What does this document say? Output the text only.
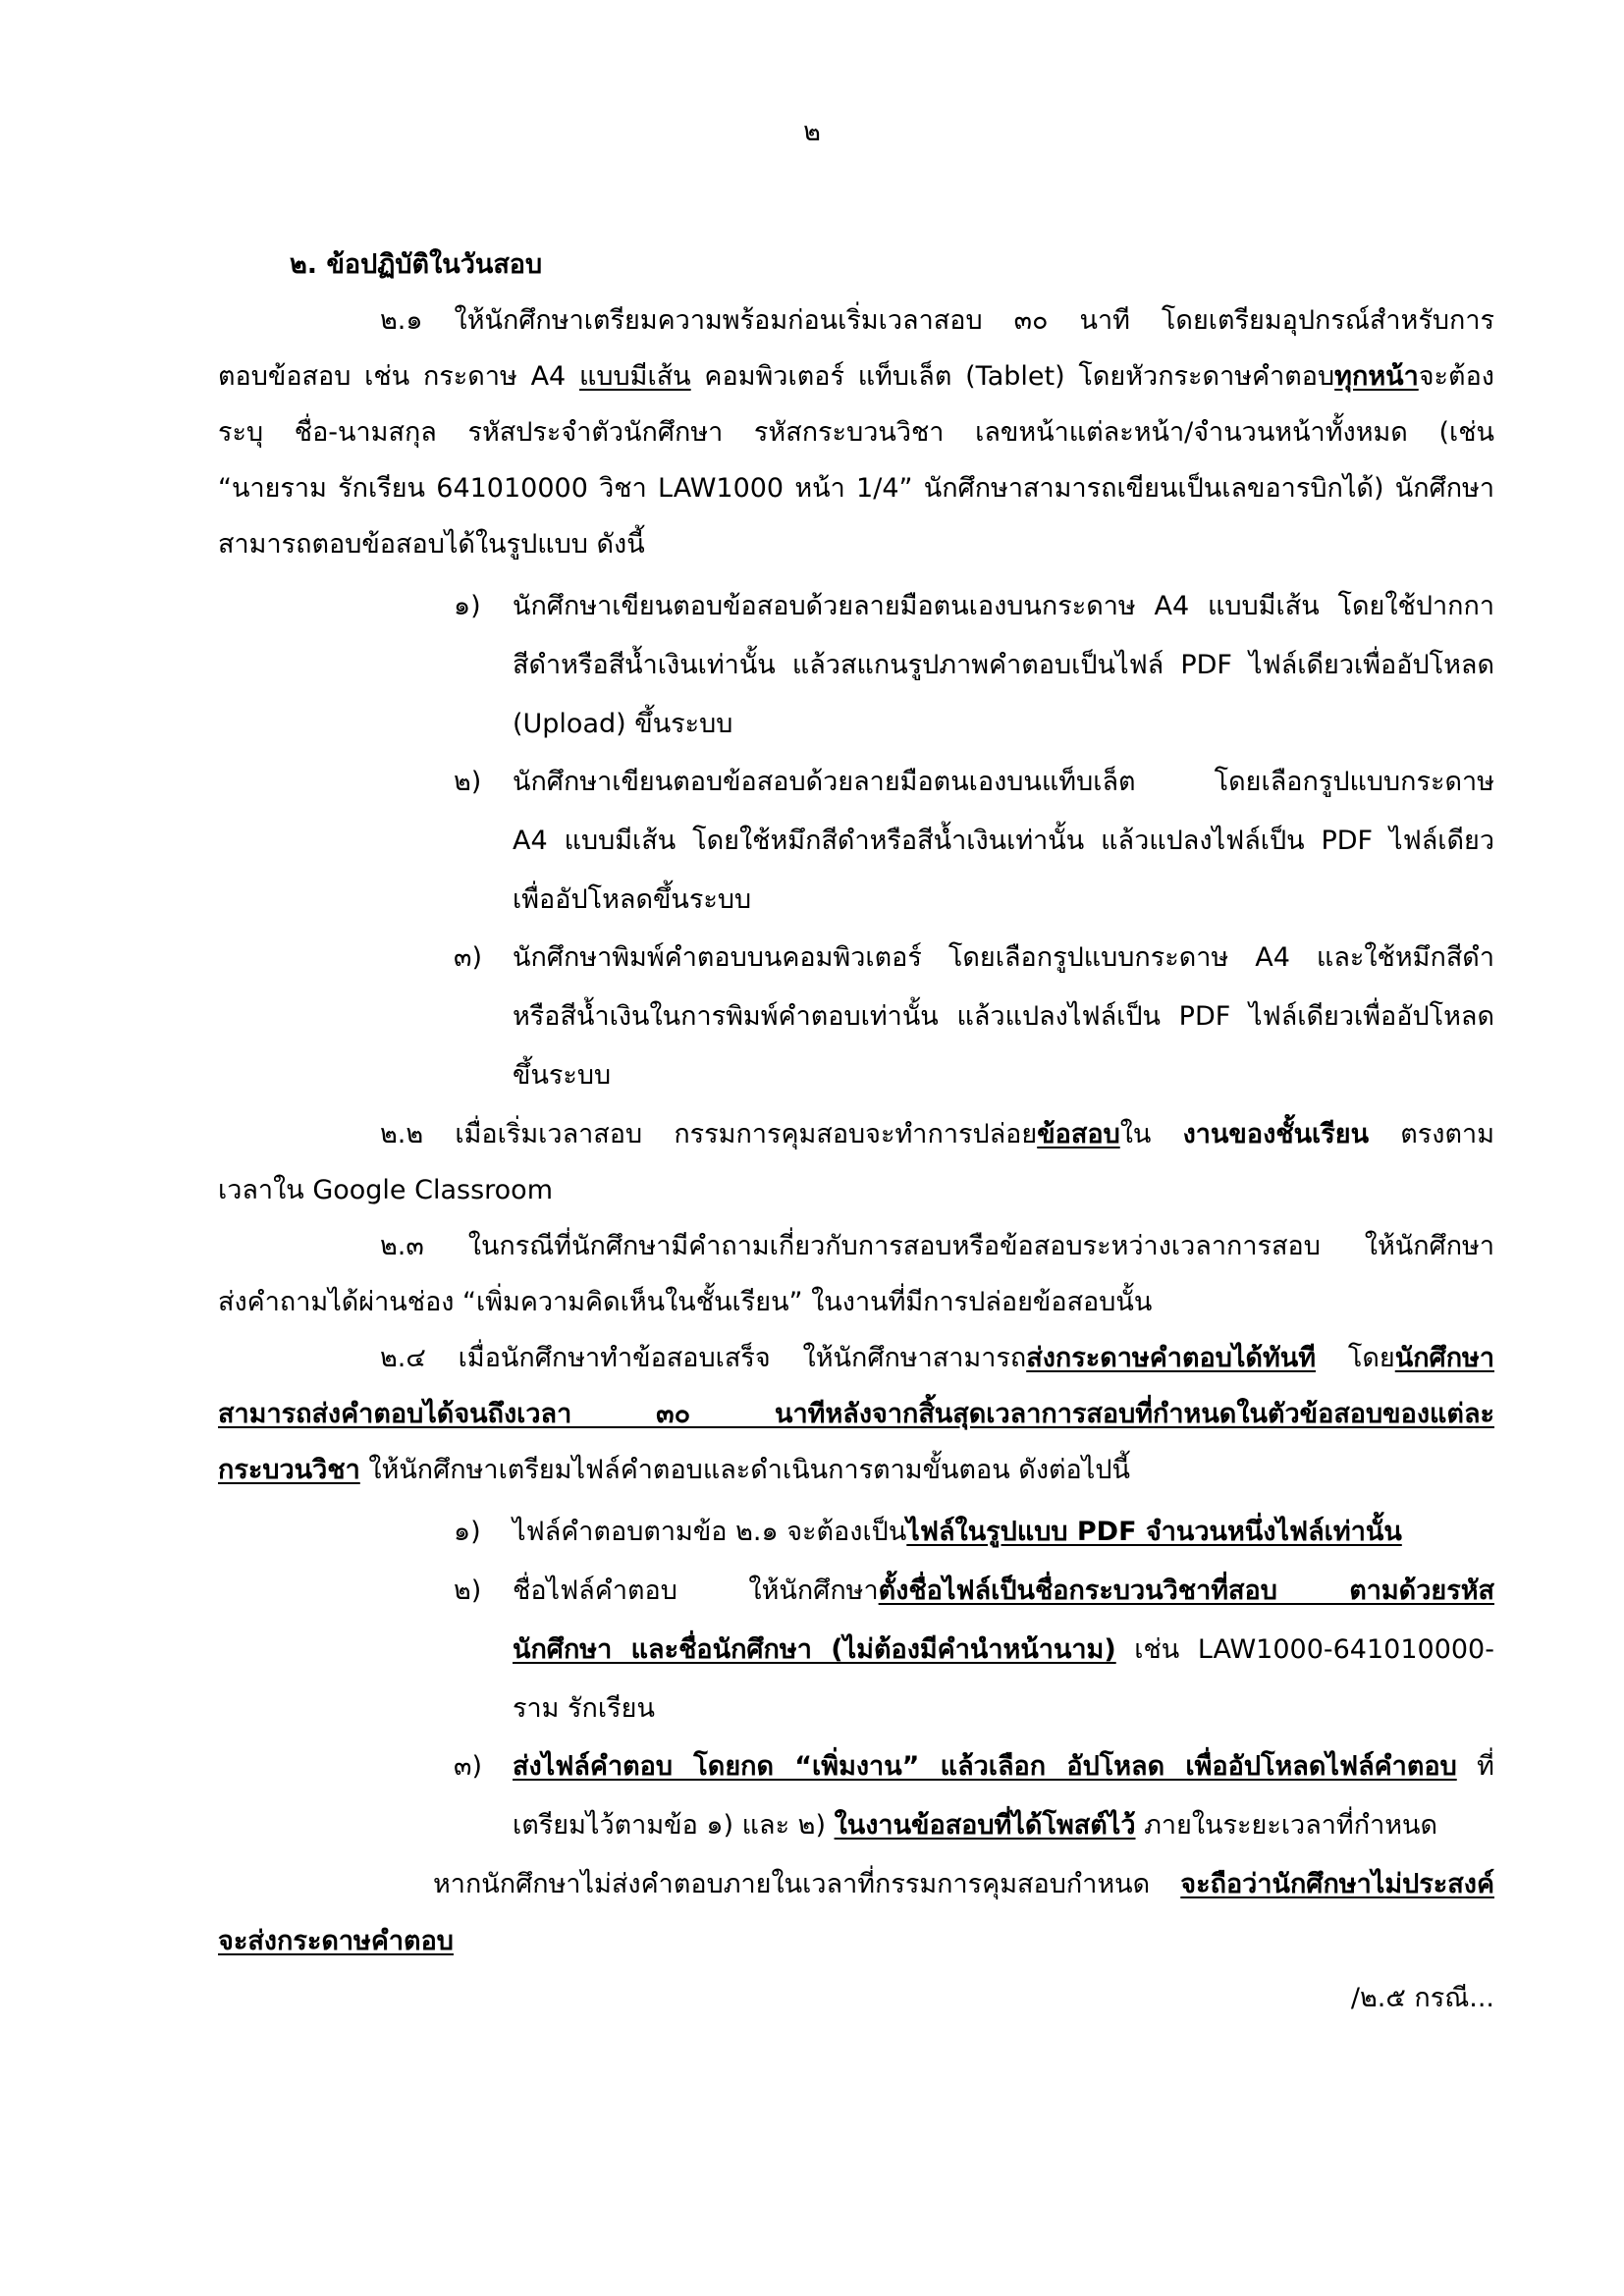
๒
๒. ข้อปฏิบัติในวันสอบ
๒.๑ ให้นักศึกษาเตรียมความพร้อมก่อนเริ่มเวลาสอบ ๓๐ นาที โดยเตรียมอุปกรณ์สำหรับการ
ตอบข้อสอบ เช่น กระดาษ A4 แบบมีเส้น คอมพิวเตอร์ แท็บเล็ต (Tablet) โดยหัวกระดาษคำตอบทุกหน้าจะต้อง
ระบุ ชื่อ-นามสกุล รหัสประจำตัวนักศึกษา รหัสกระบวนวิชา เลขหน้าแต่ละหน้า/จำนวนหน้าทั้งหมด (เช่น
“นายราม รักเรียน 641010000 วิชา LAW1000 หน้า 1/4” นักศึกษาสามารถเขียนเป็นเลขอารบิกได้) นักศึกษา
สามารถตอบข้อสอบได้ในรูปแบบ ดังนี้
๑) นักศึกษาเขียนตอบข้อสอบด้วยลายมือตนเองบนกระดาษ A4 แบบมีเส้น โดยใช้ปากกา
สีดำหรือสีน้ำเงินเท่านั้น แล้วสแกนรูปภาพคำตอบเป็นไฟล์ PDF ไฟล์เดียวเพื่ออัปโหลด
(Upload) ขึ้นระบบ
๒) นักศึกษาเขียนตอบข้อสอบด้วยลายมือตนเองบนแท็บเล็ต โดยเลือกรูปแบบกระดาษ
A4 แบบมีเส้น โดยใช้หมึกสีดำหรือสีน้ำเงินเท่านั้น แล้วแปลงไฟล์เป็น PDF ไฟล์เดียว
เพื่ออัปโหลดขึ้นระบบ
๓) นักศึกษาพิมพ์คำตอบบนคอมพิวเตอร์ โดยเลือกรูปแบบกระดาษ A4 และใช้หมึกสีดำ
หรือสีน้ำเงินในการพิมพ์คำตอบเท่านั้น แล้วแปลงไฟล์เป็น PDF ไฟล์เดียวเพื่ออัปโหลด
ขึ้นระบบ
๒.๒ เมื่อเริ่มเวลาสอบ กรรมการคุมสอบจะทำการปล่อยข้อสอบใน งานของชั้นเรียน ตรงตาม
เวลาใน Google Classroom
๒.๓ ในกรณีที่นักศึกษามีคำถามเกี่ยวกับการสอบหรือข้อสอบระหว่างเวลาการสอบ ให้นักศึกษา
ส่งคำถามได้ผ่านช่อง “เพิ่มความคิดเห็นในชั้นเรียน” ในงานที่มีการปล่อยข้อสอบนั้น
๒.๔ เมื่อนักศึกษาทำข้อสอบเสร็จ ให้นักศึกษาสามารถส่งกระดาษคำตอบได้ทันที โดยนักศึกษา
สามารถส่งคำตอบได้จนถึงเวลา ๓๐ นาทีหลังจากสิ้นสุดเวลาการสอบที่กำหนดในตัวข้อสอบของแต่ละ
กระบวนวิชา ให้นักศึกษาเตรียมไฟล์คำตอบและดำเนินการตามขั้นตอน ดังต่อไปนี้
๑) ไฟล์คำตอบตามข้อ ๒.๑ จะต้องเป็นไฟล์ในรูปแบบ PDF จำนวนหนึ่งไฟล์เท่านั้น
๒) ชื่อไฟล์คำตอบ ให้นักศึกษาตั้งชื่อไฟล์เป็นชื่อกระบวนวิชาที่สอบ ตามด้วยรหัส
นักศึกษา และชื่อนักศึกษา (ไม่ต้องมีคำนำหน้านาม) เช่น LAW1000-641010000-
ราม รักเรียน
๓) ส่งไฟล์คำตอบ โดยกด “เพิ่มงาน” แล้วเลือก อัปโหลด เพื่ออัปโหลดไฟล์คำตอบ ที่
เตรียมไว้ตามข้อ ๑) และ ๒) ในงานข้อสอบที่ได้โพสต์ไว้ ภายในระยะเวลาที่กำหนด
หากนักศึกษาไม่ส่งคำตอบภายในเวลาที่กรรมการคุมสอบกำหนด จะถือว่านักศึกษาไม่ประสงค์
จะส่งกระดาษคำตอบ
/๒.๕ กรณี...
